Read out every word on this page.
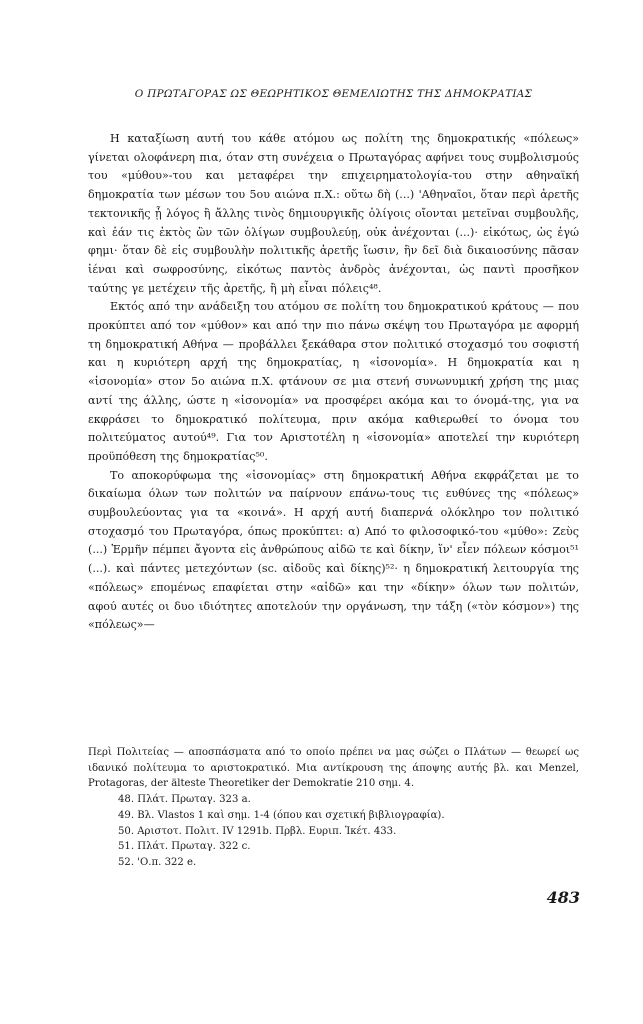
Ο ΠΡΩΤΑΓΟΡΑΣ ΩΣ ΘΕΩΡΗΤΙΚΟΣ ΘΕΜΕΛΙΩΤΗΣ ΤΗΣ ΔΗΜΟΚΡΑΤΙΑΣ

Η καταξίωση αυτή του κάθε ατόμου ως πολίτη της δημοκρατικής «πόλεως» γίνεται ολοφάνερη πια, όταν στη συνέχεια ο Πρωταγόρας αφήνει τους συμβολισμούς του «μύθου»-του και μεταφέρει την επιχειρηματολογία-του στην αθηναϊκή δημοκρατία των μέσων του 5ου αιώνα π.Χ.: οὕτω δὴ (...) 'Αθηναῖοι, ὅταν περὶ ἀρετῆς τεκτονικῆς ᾖ λόγος ἢ ἄλλης τινὸς δημιουργικῆς ὀλίγοις οἴονται μετεῖναι συμβουλῆς, καὶ ἐάν τις ἐκτὸς ὢν τῶν ὀλίγων συμβουλεύῃ, οὐκ ἀνέχονται (...)· εἰκότως, ὡς ἐγώ φημι· ὅταν δὲ εἰς συμβουλὴν πολιτικῆς ἀρετῆς ἴωσιν, ἣν δεῖ διὰ δικαιοσύνης πᾶσαν ἰέναι καὶ σωφροσύνης, εἰκότως παντὸς ἀνδρὸς ἀνέχονται, ὡς παντὶ προσῆκον ταύτης γε μετέχειν τῆς ἀρετῆς, ἢ μὴ εἶναι πόλεις⁴⁸.

Εκτός από την ανάδειξη του ατόμου σε πολίτη του δημοκρατικού κράτους — που προκύπτει από τον «μύθον» και από την πιο πάνω σκέψη του Πρωταγόρα με αφορμή τη δημοκρατική Αθήνα — προβάλλει ξεκάθαρα στον πολιτικό στοχασμό του σοφιστή και η κυριότερη αρχή της δημοκρατίας, η «ἰσονομία». Η δημοκρατία και η «ἰσονομία» στον 5ο αιώνα π.Χ. φτάνουν σε μια στενή συνωνυμική χρήση της μιας αντί της άλλης, ώστε η «ἰσονομία» να προσφέρει ακόμα και το όνομά-της, για να εκφράσει το δημοκρατικό πολίτευμα, πριν ακόμα καθιερωθεί το όνομα του πολιτεύματος αυτού⁴⁹. Για τον Αριστοτέλη η «ἰσονομία» αποτελεί την κυριότερη προϋπόθεση της δημοκρατίας⁵⁰.

Το αποκορύφωμα της «ἰσονομίας» στη δημοκρατική Αθήνα εκφράζεται με το δικαίωμα όλων των πολιτών να παίρνουν επάνω-τους τις ευθύνες της «πόλεως» συμβουλεύοντας για τα «κοινά». Η αρχή αυτή διαπερνά ολόκληρο τον πολιτικό στοχασμό του Πρωταγόρα, όπως προκύπτει: α) Από το φιλοσοφικό-του «μύθο»: Ζεὺς (...) Ἑρμῆν πέμπει ἄγοντα εἰς ἀνθρώπους αἰδῶ τε καὶ δίκην, ἵν' εἶεν πόλεων κόσμοι⁵¹ (...). καὶ πάντες μετεχόντων (sc. αἰδοῦς καὶ δίκης)⁵²· η δημοκρατική λειτουργία της «πόλεως» επομένως επαφίεται στην «αἰδῶ» και την «δίκην» όλων των πολιτών, αφού αυτές οι δυο ιδιότητες αποτελούν την οργάνωση, την τάξη («τὸν κόσμον») της «πόλεως»—

Περὶ Πολιτείας — αποσπάσματα από το οποίο πρέπει να μας σώζει ο Πλάτων — θεωρεί ως ιδανικό πολίτευμα το αριστοκρατικό. Μια αντίκρουση της άποψης αυτής βλ. και Menzel, Protagoras, der älteste Theoretiker der Demokratie 210 σημ. 4.

48. Πλάτ. Πρωταγ. 323 a.

49. Βλ. Vlastos 1 καὶ σημ. 1-4 (όπου και σχετική βιβλιογραφία).

50. Αριστοτ. Πολιτ. IV 1291b. Πρβλ. Ευριπ. Ἱκέτ. 433.

51. Πλάτ. Πρωταγ. 322 c.

52. 'Ο.π. 322 e.

483
